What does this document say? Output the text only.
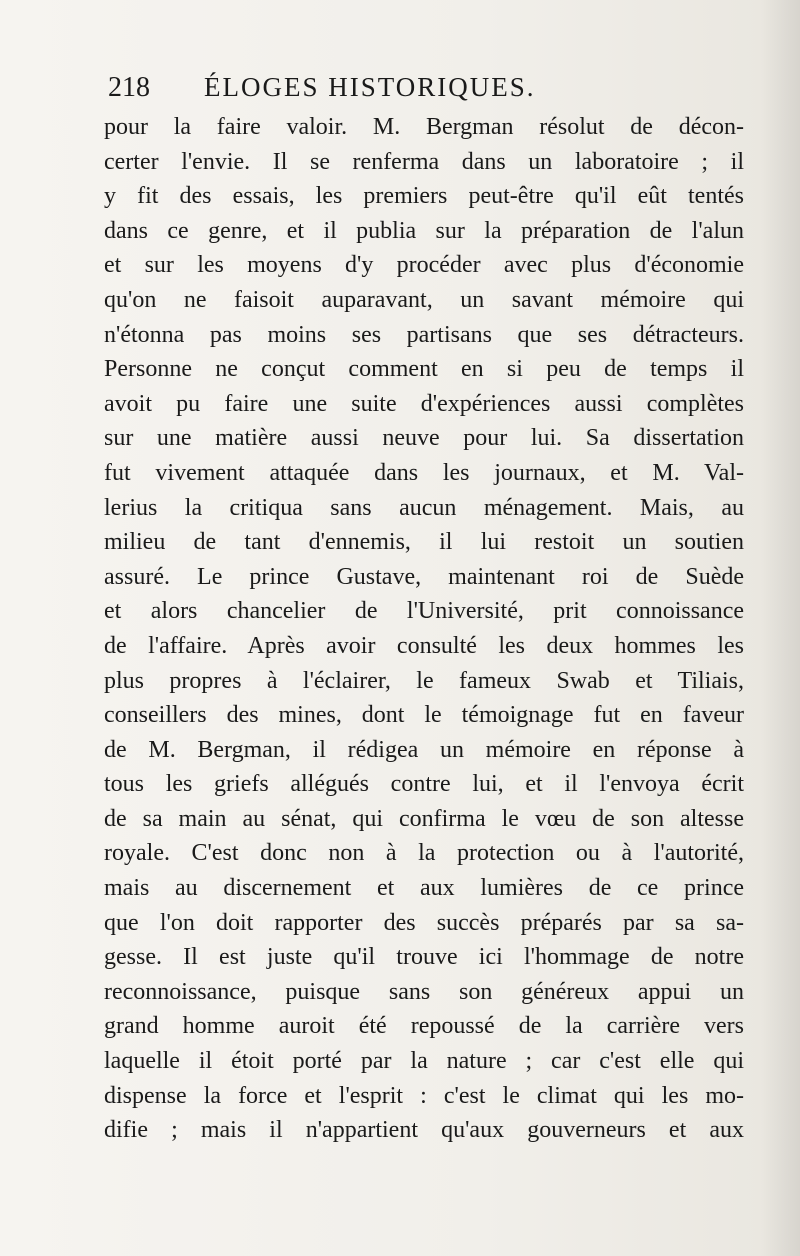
218 ÉLOGES HISTORIQUES.
pour la faire valoir. M. Bergman résolut de décon-
certer l'envie. Il se renferma dans un laboratoire ; il
y fit des essais, les premiers peut-être qu'il eût tentés
dans ce genre, et il publia sur la préparation de l'alun
et sur les moyens d'y procéder avec plus d'économie
qu'on ne faisoit auparavant, un savant mémoire qui
n'étonna pas moins ses partisans que ses détracteurs.
Personne ne conçut comment en si peu de temps il
avoit pu faire une suite d'expériences aussi complètes
sur une matière aussi neuve pour lui. Sa dissertation
fut vivement attaquée dans les journaux, et M. Val-
lerius la critiqua sans aucun ménagement. Mais, au
milieu de tant d'ennemis, il lui restoit un soutien
assuré. Le prince Gustave, maintenant roi de Suède
et alors chancelier de l'Université, prit connoissance
de l'affaire. Après avoir consulté les deux hommes les
plus propres à l'éclairer, le fameux Swab et Tiliais,
conseillers des mines, dont le témoignage fut en faveur
de M. Bergman, il rédigea un mémoire en réponse à
tous les griefs allégués contre lui, et il l'envoya écrit
de sa main au sénat, qui confirma le vœu de son altesse
royale. C'est donc non à la protection ou à l'autorité,
mais au discernement et aux lumières de ce prince
que l'on doit rapporter des succès préparés par sa sa-
gesse. Il est juste qu'il trouve ici l'hommage de notre
reconnoissance, puisque sans son généreux appui un
grand homme auroit été repoussé de la carrière vers
laquelle il étoit porté par la nature ; car c'est elle qui
dispense la force et l'esprit : c'est le climat qui les mo-
difie ; mais il n'appartient qu'aux gouverneurs et aux
